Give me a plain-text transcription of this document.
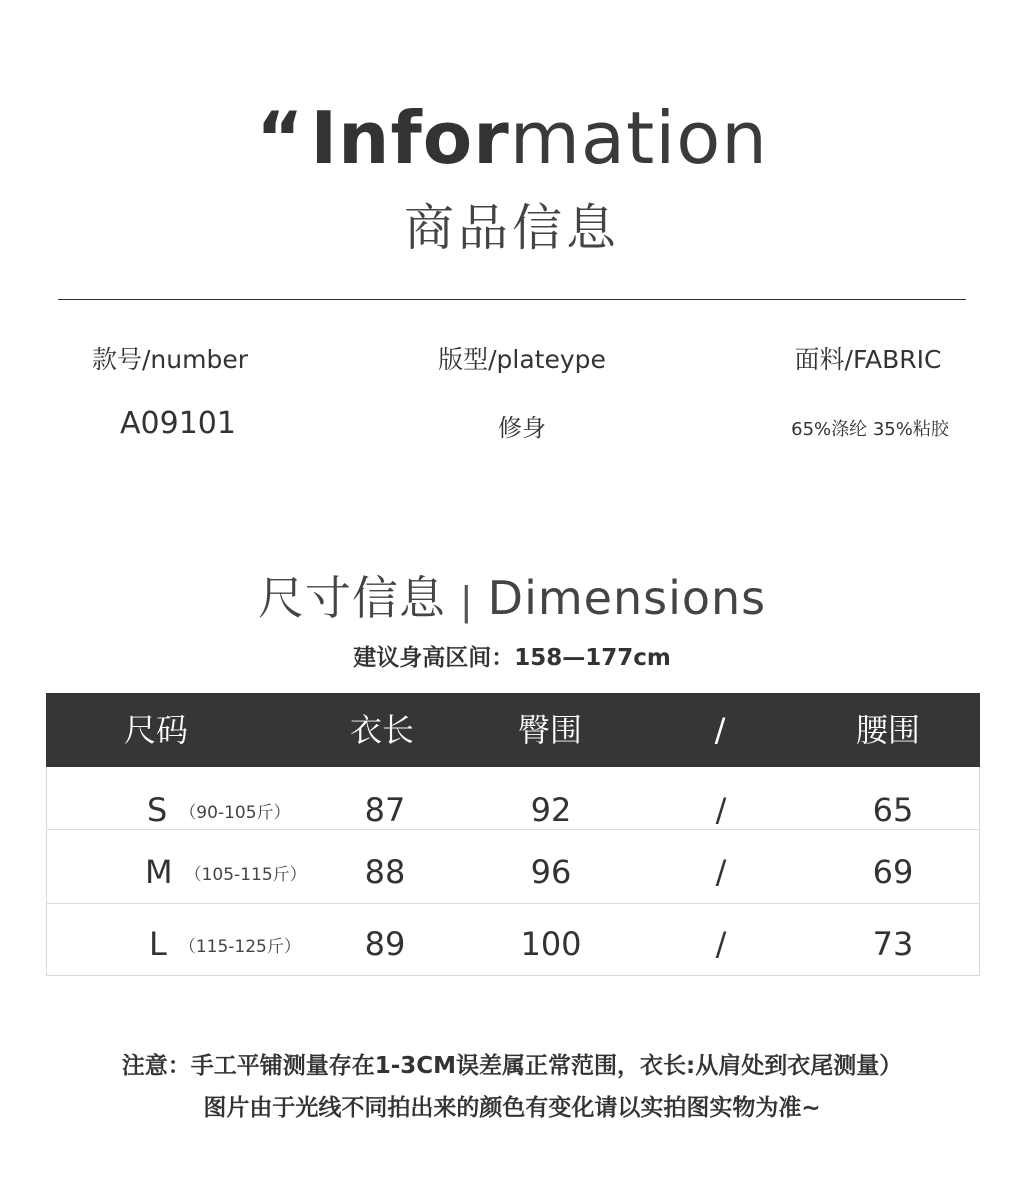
“Information
商品信息
款号/number	版型/plateype	面料/FABRIC
A09101	修身	65%涤纶 35%粘胶
尺寸信息 | Dimensions
建议身高区间：158—177cm
尺码	衣长	臀围	/	腰围
S （90-105斤）	87	92	/	65
M （105-115斤）	88	96	/	69
L （115-125斤）	89	100	/	73
注意：手工平铺测量存在1-3CM误差属正常范围，衣长:从肩处到衣尾测量）
图片由于光线不同拍出来的颜色有变化请以实拍图实物为准~
